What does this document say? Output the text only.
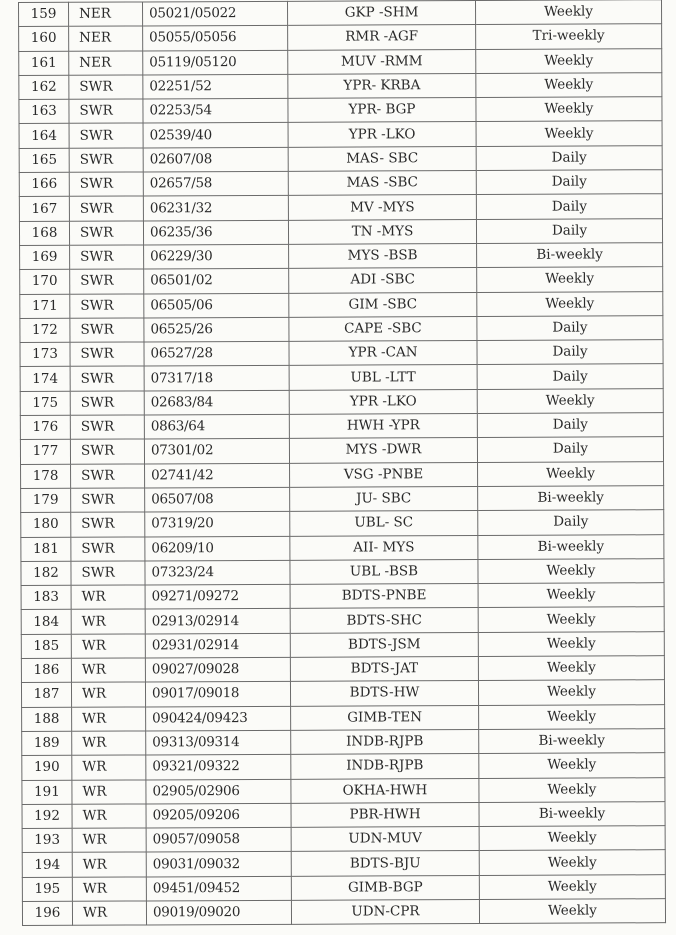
159	NER	05021/05022	GKP -SHM	Weekly
160	NER	05055/05056	RMR -AGF	Tri-weekly
161	NER	05119/05120	MUV -RMM	Weekly
162	SWR	02251/52	YPR- KRBA	Weekly
163	SWR	02253/54	YPR- BGP	Weekly
164	SWR	02539/40	YPR -LKO	Weekly
165	SWR	02607/08	MAS- SBC	Daily
166	SWR	02657/58	MAS -SBC	Daily
167	SWR	06231/32	MV -MYS	Daily
168	SWR	06235/36	TN -MYS	Daily
169	SWR	06229/30	MYS -BSB	Bi-weekly
170	SWR	06501/02	ADI -SBC	Weekly
171	SWR	06505/06	GIM -SBC	Weekly
172	SWR	06525/26	CAPE -SBC	Daily
173	SWR	06527/28	YPR -CAN	Daily
174	SWR	07317/18	UBL -LTT	Daily
175	SWR	02683/84	YPR -LKO	Weekly
176	SWR	0863/64	HWH -YPR	Daily
177	SWR	07301/02	MYS -DWR	Daily
178	SWR	02741/42	VSG -PNBE	Weekly
179	SWR	06507/08	JU- SBC	Bi-weekly
180	SWR	07319/20	UBL- SC	Daily
181	SWR	06209/10	AII- MYS	Bi-weekly
182	SWR	07323/24	UBL -BSB	Weekly
183	WR	09271/09272	BDTS-PNBE	Weekly
184	WR	02913/02914	BDTS-SHC	Weekly
185	WR	02931/02914	BDTS-JSM	Weekly
186	WR	09027/09028	BDTS-JAT	Weekly
187	WR	09017/09018	BDTS-HW	Weekly
188	WR	090424/09423	GIMB-TEN	Weekly
189	WR	09313/09314	INDB-RJPB	Bi-weekly
190	WR	09321/09322	INDB-RJPB	Weekly
191	WR	02905/02906	OKHA-HWH	Weekly
192	WR	09205/09206	PBR-HWH	Bi-weekly
193	WR	09057/09058	UDN-MUV	Weekly
194	WR	09031/09032	BDTS-BJU	Weekly
195	WR	09451/09452	GIMB-BGP	Weekly
196	WR	09019/09020	UDN-CPR	Weekly
